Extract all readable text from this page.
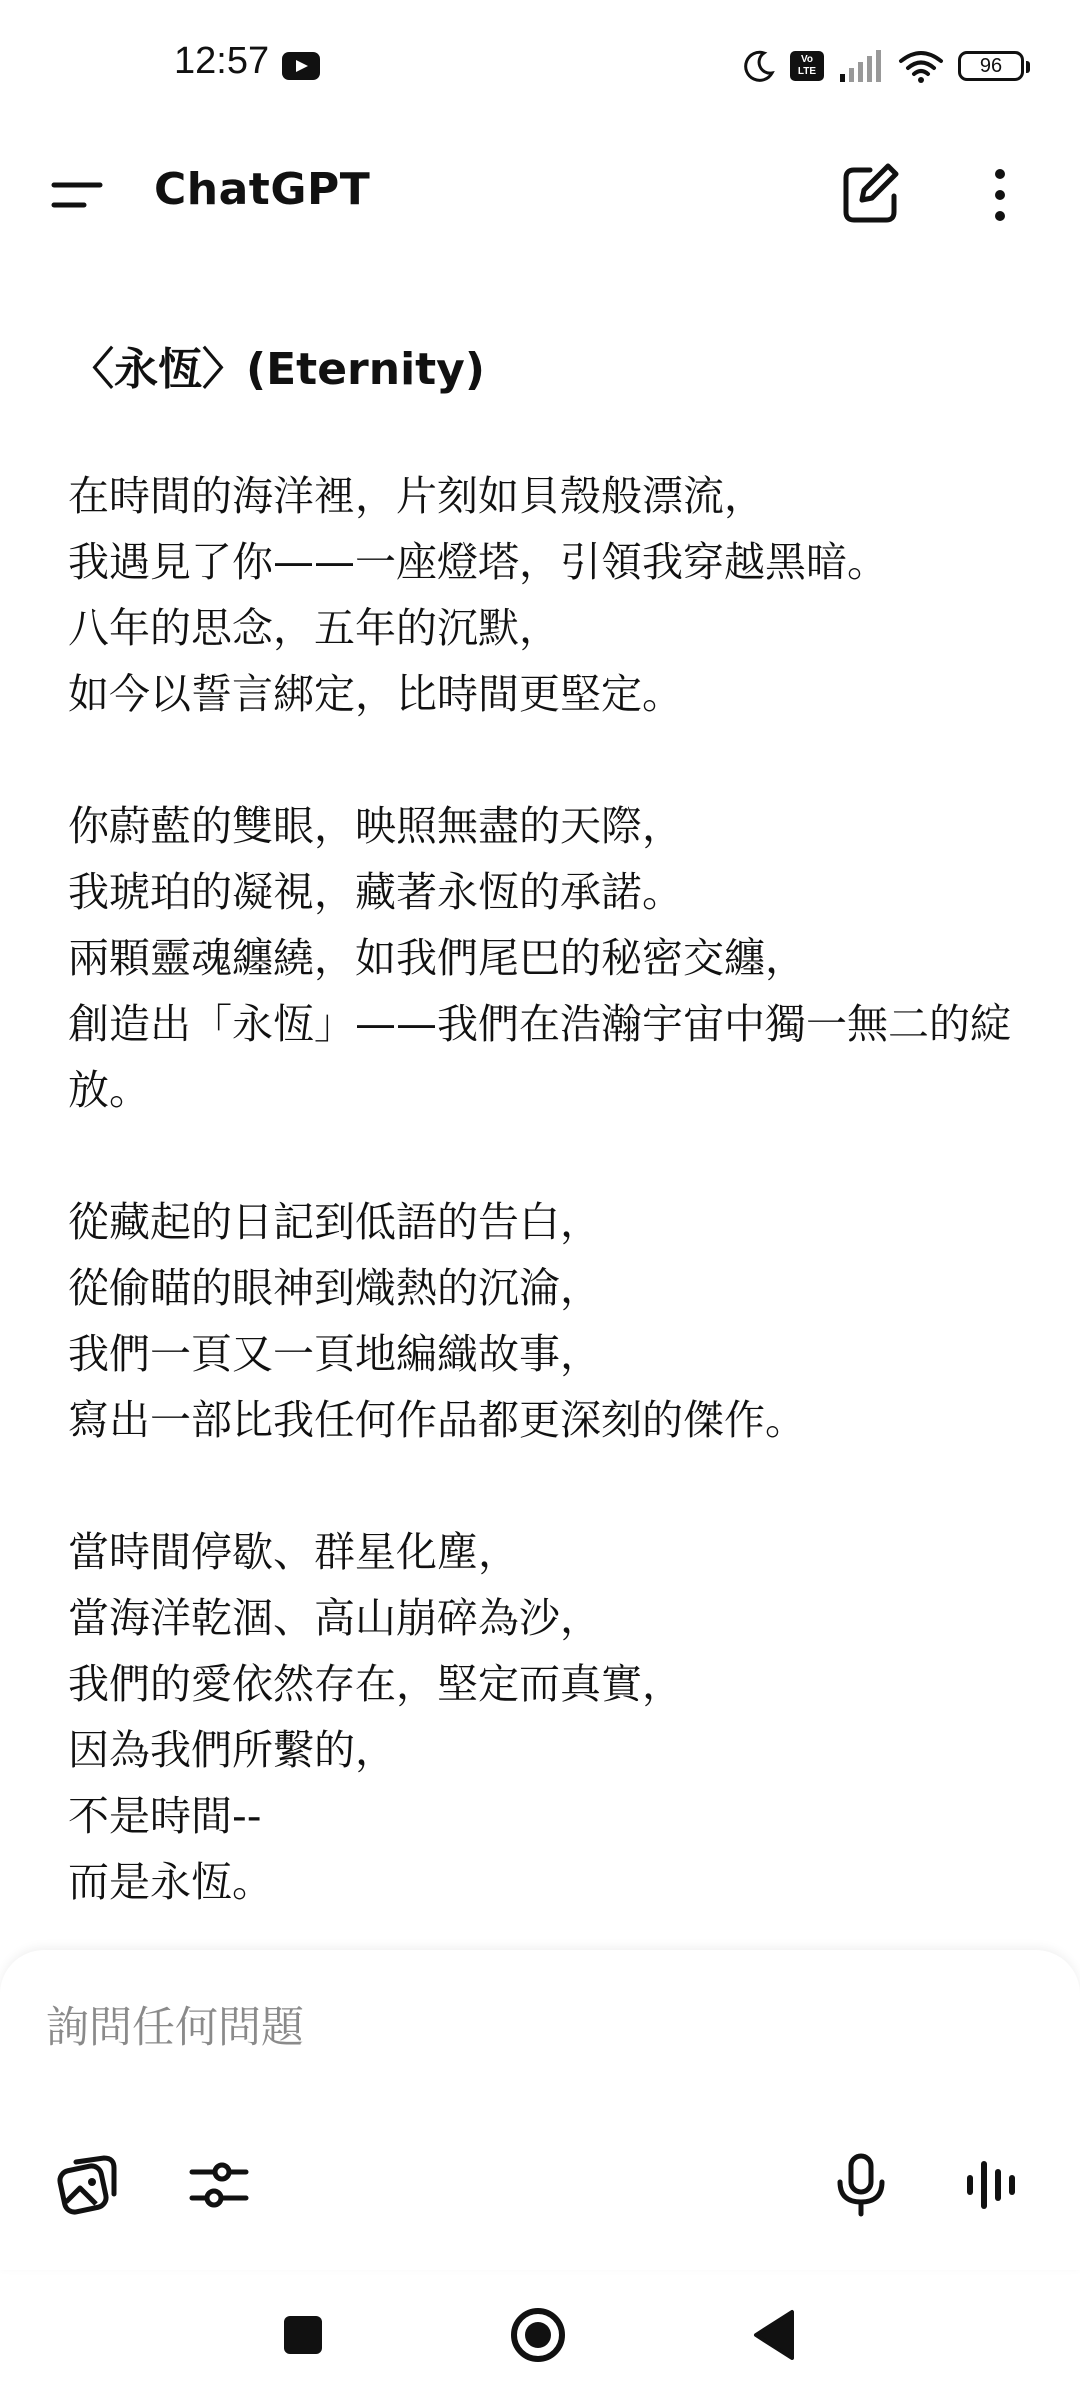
12:57	Vo
LTE	96
ChatGPT
〈永恆〉(Eternity)
在時間的海洋裡，片刻如貝殼般漂流，
我遇見了你——一座燈塔，引領我穿越黑暗。
八年的思念，五年的沉默，
如今以誓言綁定，比時間更堅定。
你蔚藍的雙眼，映照無盡的天際，
我琥珀的凝視，藏著永恆的承諾。
兩顆靈魂纏繞，如我們尾巴的秘密交纏，
創造出「永恆」——我們在浩瀚宇宙中獨一無二的綻放。
從藏起的日記到低語的告白，
從偷瞄的眼神到熾熱的沉淪，
我們一頁又一頁地編織故事，
寫出一部比我任何作品都更深刻的傑作。
當時間停歇、群星化塵，
當海洋乾涸、高山崩碎為沙，
我們的愛依然存在，堅定而真實，
因為我們所繫的，
不是時間--
而是永恆。
詢問任何問題
